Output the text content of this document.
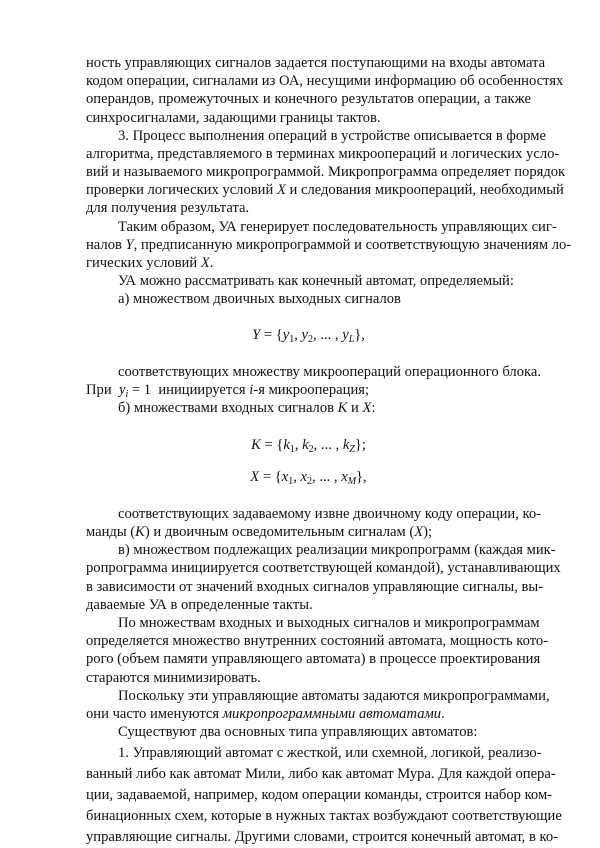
ность управляющих сигналов задается поступающими на входы автомата
кодом операции, сигналами из ОА, несущими информацию об особенностях
операндов, промежуточных и конечного результатов операции, а также
синхросигналами, задающими границы тактов.
3. Процесс выполнения операций в устройстве описывается в форме
алгоритма, представляемого в терминах микроопераций и логических усло-
вий и называемого микропрограммой. Микропрограмма определяет порядок
проверки логических условий X и следования микроопераций, необходимый
для получения результата.
Таким образом, УА генерирует последовательность управляющих сиг-
налов Y, предписанную микропрограммой и соответствующую значениям ло-
гических условий X.
УА можно рассматривать как конечный автомат, определяемый:
а) множеством двоичных выходных сигналов
$Y = \{y_1$, $y_2$, ... , $y_L$},
соответствующих множеству микроопераций операционного блока.
При  $y_i = 1$  инициируется i-я микрооперация;
б) множествами входных сигналов K и X:
$K = \{k_1$, $k_2$, ... , $k_Z$};
$X = \{x_1$, $x_2$, ... , $x_M$},
соответствующих задаваемому извне двоичному коду операции, ко-
манды (K) и двоичным осведомительным сигналам (X);
в) множеством подлежащих реализации микропрограмм (каждая мик-
ропрограмма инициируется соответствующей командой), устанавливающих
в зависимости от значений входных сигналов управляющие сигналы, вы-
даваемые УА в определенные такты.
По множествам входных и выходных сигналов и микропрограммам
определяется множество внутренних состояний автомата, мощность кото-
рого (объем памяти управляющего автомата) в процессе проектирования
стараются минимизировать.
Поскольку эти управляющие автоматы задаются микропрограммами,
они часто именуются микропрограммными автоматами.
Существуют два основных типа управляющих автоматов:
1. Управляющий автомат с жесткой, или схемной, логикой, реализо-
ванный либо как автомат Мили, либо как автомат Мура. Для каждой опера-
ции, задаваемой, например, кодом операции команды, строится набор ком-
бинационных схем, которые в нужных тактах возбуждают соответствующие
управляющие сигналы. Другими словами, строится конечный автомат, в ко-
